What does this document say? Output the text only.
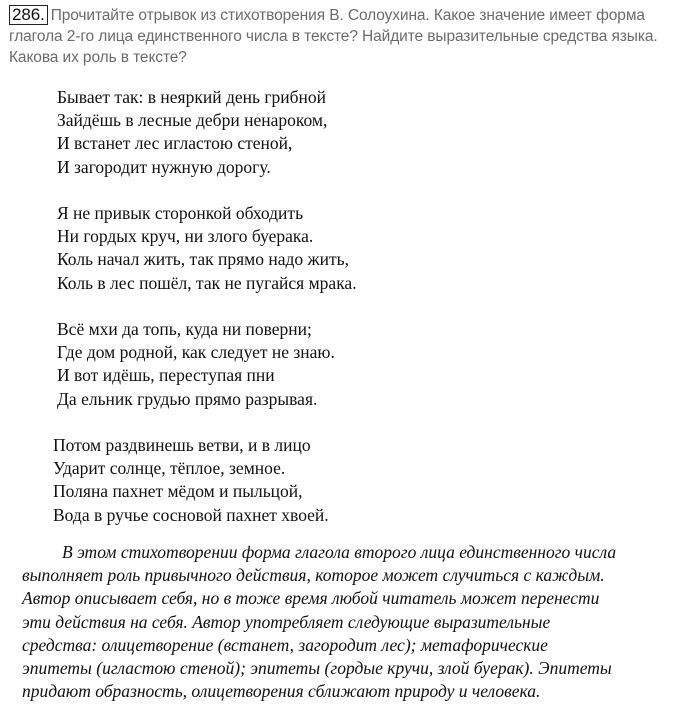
286. Прочитайте отрывок из стихотворения В. Солоухина. Какое значение имеет форма
глагола 2-го лица единственного числа в тексте? Найдите выразительные средства языка.
Какова их роль в тексте?
Бывает так: в неяркий день грибной
Зайдёшь в лесные дебри ненароком,
И встанет лес игластою стеной,
И загородит нужную дорогу.
Я не привык сторонкой обходить
Ни гордых круч, ни злого буерака.
Коль начал жить, так прямо надо жить,
Коль в лес пошёл, так не пугайся мрака.
Всё мхи да топь, куда ни поверни;
Где дом родной, как следует не знаю.
И вот идёшь, переступая пни
Да ельник грудью прямо разрывая.
Потом раздвинешь ветви, и в лицо
Ударит солнце, тёплое, земное.
Поляна пахнет мёдом и пыльцой,
Вода в ручье сосновой пахнет хвоей.
В этом стихотворении форма глагола второго лица единственного числа
выполняет роль привычного действия, которое может случиться с каждым.
Автор описывает себя, но в тоже время любой читатель может перенести
эти действия на себя. Автор употребляет следующие выразительные
средства: олицетворение (встанет, загородит лес); метафорические
эпитеты (игластою стеной); эпитеты (гордые кручи, злой буерак). Эпитеты
придают образность, олицетворения сближают природу и человека.
